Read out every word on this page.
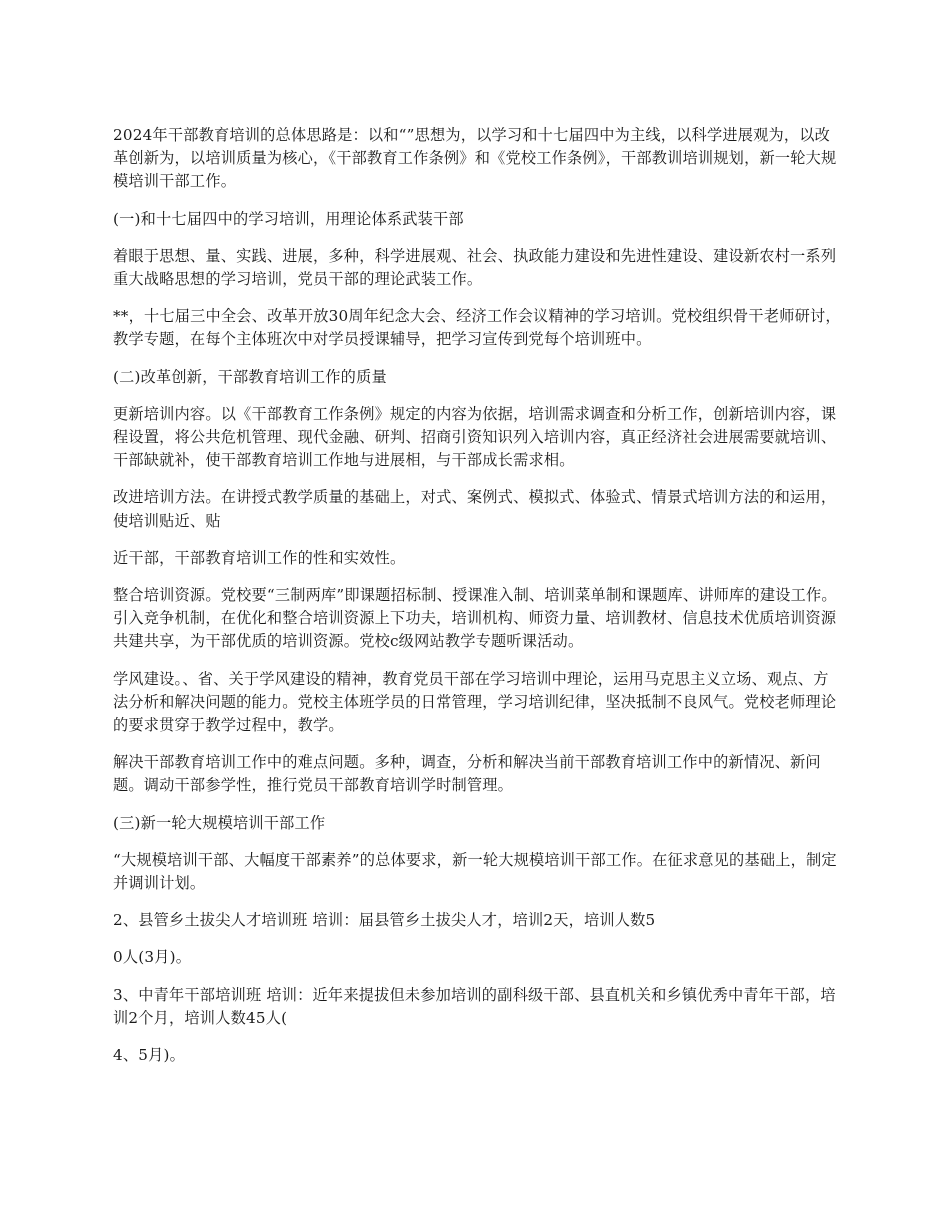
2024年干部教育培训的总体思路是：以和“”思想为，以学习和十七届四中为主线，以科学进展观为，以改革创新为，以培训质量为核心，《干部教育工作条例》和《党校工作条例》，干部教训培训规划，新一轮大规模培训干部工作。

(一)和十七届四中的学习培训，用理论体系武装干部

着眼于思想、量、实践、进展，多种，科学进展观、社会、执政能力建设和先进性建设、建设新农村一系列重大战略思想的学习培训，党员干部的理论武装工作。

**，十七届三中全会、改革开放30周年纪念大会、经济工作会议精神的学习培训。党校组织骨干老师研讨，教学专题，在每个主体班次中对学员授课辅导，把学习宣传到党每个培训班中。

(二)改革创新，干部教育培训工作的质量

更新培训内容。以《干部教育工作条例》规定的内容为依据，培训需求调查和分析工作，创新培训内容，课程设置，将公共危机管理、现代金融、研判、招商引资知识列入培训内容，真正经济社会进展需要就培训、干部缺就补，使干部教育培训工作地与进展相，与干部成长需求相。

改进培训方法。在讲授式教学质量的基础上，对式、案例式、模拟式、体验式、情景式培训方法的和运用，使培训贴近、贴

近干部，干部教育培训工作的性和实效性。

整合培训资源。党校要“三制两库”即课题招标制、授课准入制、培训菜单制和课题库、讲师库的建设工作。引入竞争机制，在优化和整合培训资源上下功夫，培训机构、师资力量、培训教材、信息技术优质培训资源共建共享，为干部优质的培训资源。党校c级网站教学专题听课活动。

学风建设。、省、关于学风建设的精神，教育党员干部在学习培训中理论，运用马克思主义立场、观点、方法分析和解决问题的能力。党校主体班学员的日常管理，学习培训纪律，坚决抵制不良风气。党校老师理论的要求贯穿于教学过程中，教学。

解决干部教育培训工作中的难点问题。多种，调查，分析和解决当前干部教育培训工作中的新情况、新问题。调动干部参学性，推行党员干部教育培训学时制管理。

(三)新一轮大规模培训干部工作

“大规模培训干部、大幅度干部素养”的总体要求，新一轮大规模培训干部工作。在征求意见的基础上，制定并调训计划。

2、县管乡土拔尖人才培训班 培训：届县管乡土拔尖人才，培训2天，培训人数5

0人(3月)。

3、中青年干部培训班 培训：近年来提拔但未参加培训的副科级干部、县直机关和乡镇优秀中青年干部，培训2个月，培训人数45人(

4、5月)。
